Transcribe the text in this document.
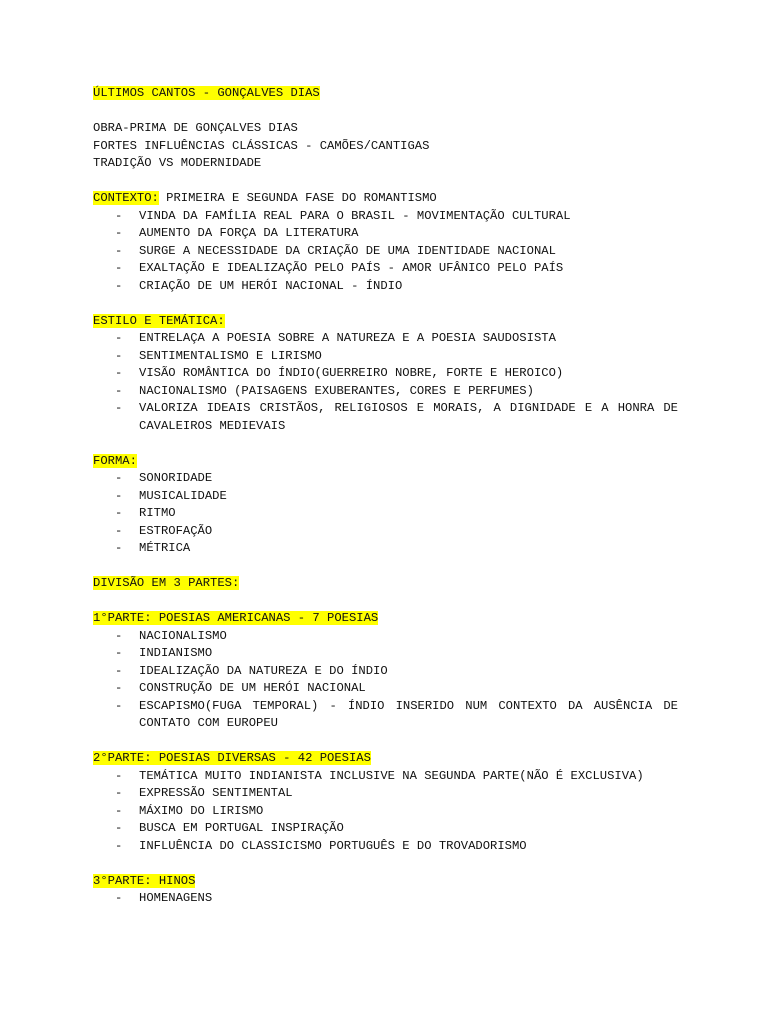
ÚLTIMOS CANTOS - GONÇALVES DIAS
OBRA-PRIMA DE GONÇALVES DIAS
FORTES INFLUÊNCIAS CLÁSSICAS - CAMÕES/CANTIGAS
TRADIÇÃO VS MODERNIDADE
CONTEXTO: PRIMEIRA E SEGUNDA FASE DO ROMANTISMO
-	VINDA DA FAMÍLIA REAL PARA O BRASIL - MOVIMENTAÇÃO CULTURAL
-	AUMENTO DA FORÇA DA LITERATURA
-	SURGE A NECESSIDADE DA CRIAÇÃO DE UMA IDENTIDADE NACIONAL
-	EXALTAÇÃO E IDEALIZAÇÃO PELO PAÍS - AMOR UFÂNICO PELO PAÍS
-	CRIAÇÃO DE UM HERÓI NACIONAL - ÍNDIO
ESTILO E TEMÁTICA:
-	ENTRELAÇA A POESIA SOBRE A NATUREZA E A POESIA SAUDOSISTA
-	SENTIMENTALISMO E LIRISMO
-	VISÃO ROMÂNTICA DO ÍNDIO(GUERREIRO NOBRE, FORTE E HEROICO)
-	NACIONALISMO (PAISAGENS EXUBERANTES, CORES E PERFUMES)
-	VALORIZA IDEAIS CRISTÃOS, RELIGIOSOS E MORAIS, A DIGNIDADE E A HONRA DE CAVALEIROS MEDIEVAIS
FORMA:
-	SONORIDADE
-	MUSICALIDADE
-	RITMO
-	ESTROFAÇÃO
-	MÉTRICA
DIVISÃO EM 3 PARTES:
1°PARTE: POESIAS AMERICANAS - 7 POESIAS
-	NACIONALISMO
-	INDIANISMO
-	IDEALIZAÇÃO DA NATUREZA E DO ÍNDIO
-	CONSTRUÇÃO DE UM HERÓI NACIONAL
-	ESCAPISMO(FUGA TEMPORAL) - ÍNDIO INSERIDO NUM CONTEXTO DA AUSÊNCIA DE CONTATO COM EUROPEU
2°PARTE: POESIAS DIVERSAS - 42 POESIAS
-	TEMÁTICA MUITO INDIANISTA INCLUSIVE NA SEGUNDA PARTE(NÃO É EXCLUSIVA)
-	EXPRESSÃO SENTIMENTAL
-	MÁXIMO DO LIRISMO
-	BUSCA EM PORTUGAL INSPIRAÇÃO
-	INFLUÊNCIA DO CLASSICISMO PORTUGUÊS E DO TROVADORISMO
3°PARTE: HINOS
-	HOMENAGENS
